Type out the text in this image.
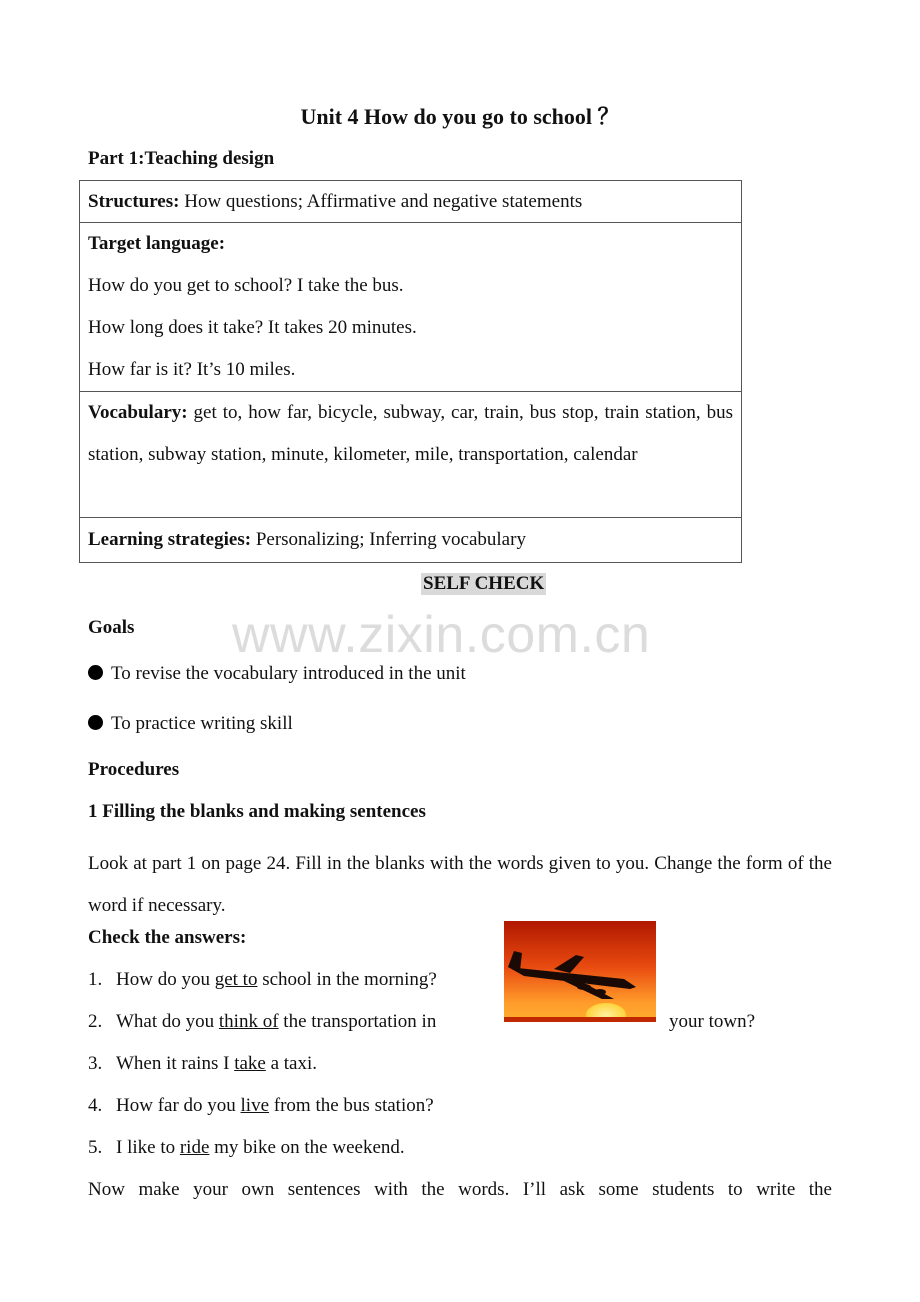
Unit 4 How do you go to school ？
Part 1:Teaching design
Structures: How questions; Affirmative and negative statements

Target language:
How do you get to school? I take the bus.
How long does it take? It takes 20 minutes.
How far is it? It’s 10 miles.

Vocabulary: get to, how far, bicycle, subway, car, train, bus stop, train station, bus station, subway station, minute, kilometer, mile, transportation, calendar
Learning strategies: Personalizing; Inferring vocabulary
SELF CHECK
www.zixin.com.cn
Goals
To revise the vocabulary introduced in the unit
To practice writing skill
Procedures
1 Filling the blanks and making sentences
Look at part 1 on page 24. Fill in the blanks with the words given to you. Change the form of the word if necessary.
Check the answers:
1. How do you get to school in the morning?
2. What do you think of the transportation in	your town?
3. When it rains I take a taxi.
4. How far do you live from the bus station?
5. I like to ride my bike on the weekend.
Now make your own sentences with the words. I’ll ask some students to write the
